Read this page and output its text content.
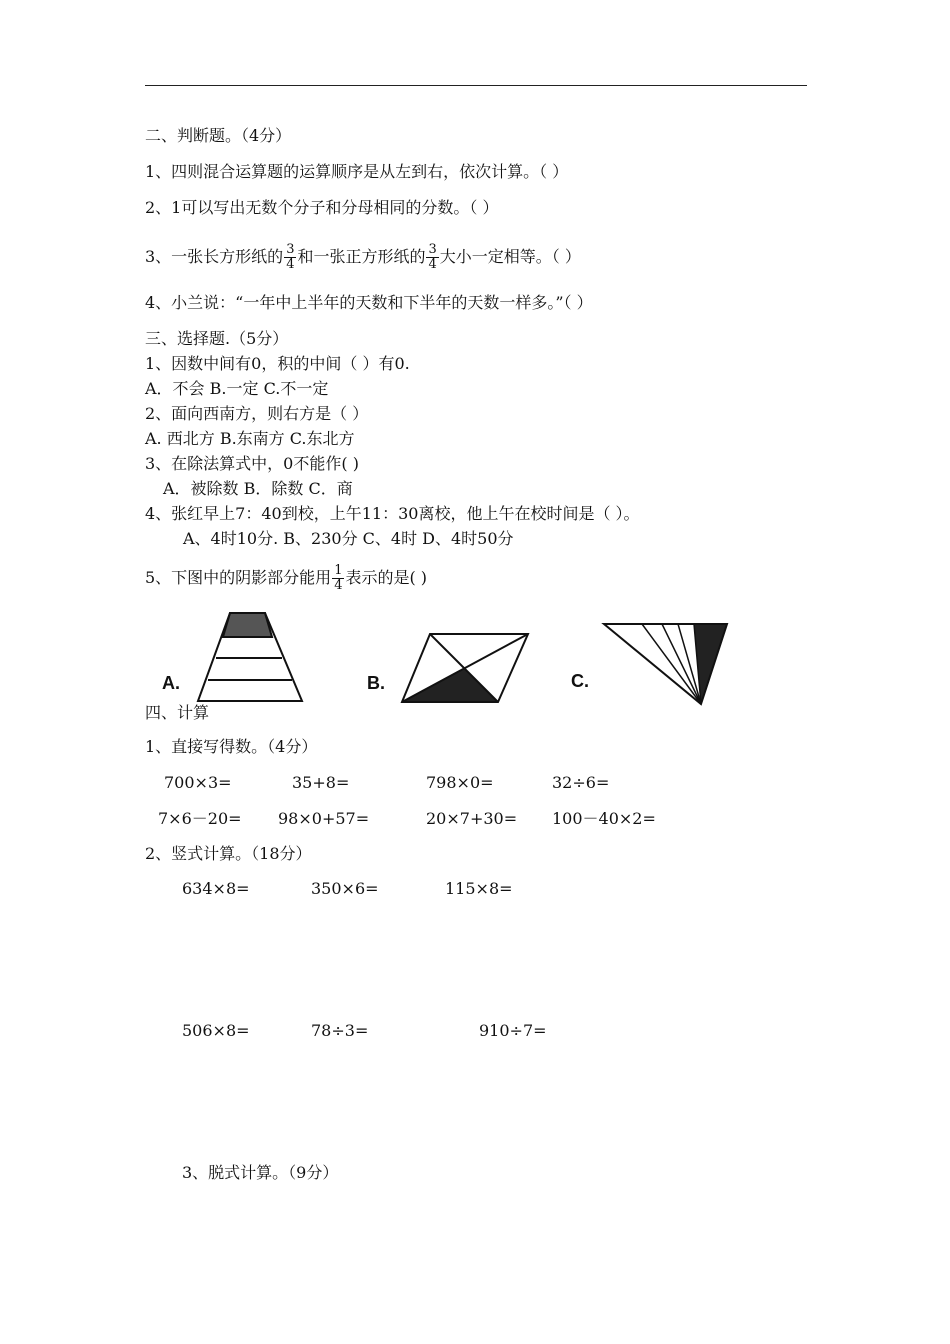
二、判断题。（4分）
1、四则混合运算题的运算顺序是从左到右，依次计算。（ ）
2、1可以写出无数个分子和分母相同的分数。（ ）
3、一张长方形纸的 $\frac{3}{4}$ 和一张正方形纸的 $\frac{3}{4}$ 大小一定相等。（ ）
4、小兰说：“一年中上半年的天数和下半年的天数一样多。”（ ）
三、选择题.（5分）
1、因数中间有0，积的中间（ ）有0.
A．不会 B.一定 C.不一定
2、面向西南方，则右方是（ ）
A. 西北方 B.东南方 C.东北方
3、在除法算式中，0不能作( )
A．被除数 B．除数 C．商
4、张红早上7：40到校，上午11：30离校，他上午在校时间是（ ）。
A、4时10分. B、230分 C、4时 D、4时50分
5、下图中的阴影部分能用 $\frac{1}{4}$ 表示的是( )
A.	B.	C.
四、计算
1、直接写得数。（4分）
700×3=	35+8=	798×0=	32÷6=
7×6－20= 98×0+57=	20×7+30= 100－40×2=
2、竖式计算。（18分）
634×8=	350×6=	115×8=
506×8=	78÷3=	910÷7=
3、脱式计算。（9分）
